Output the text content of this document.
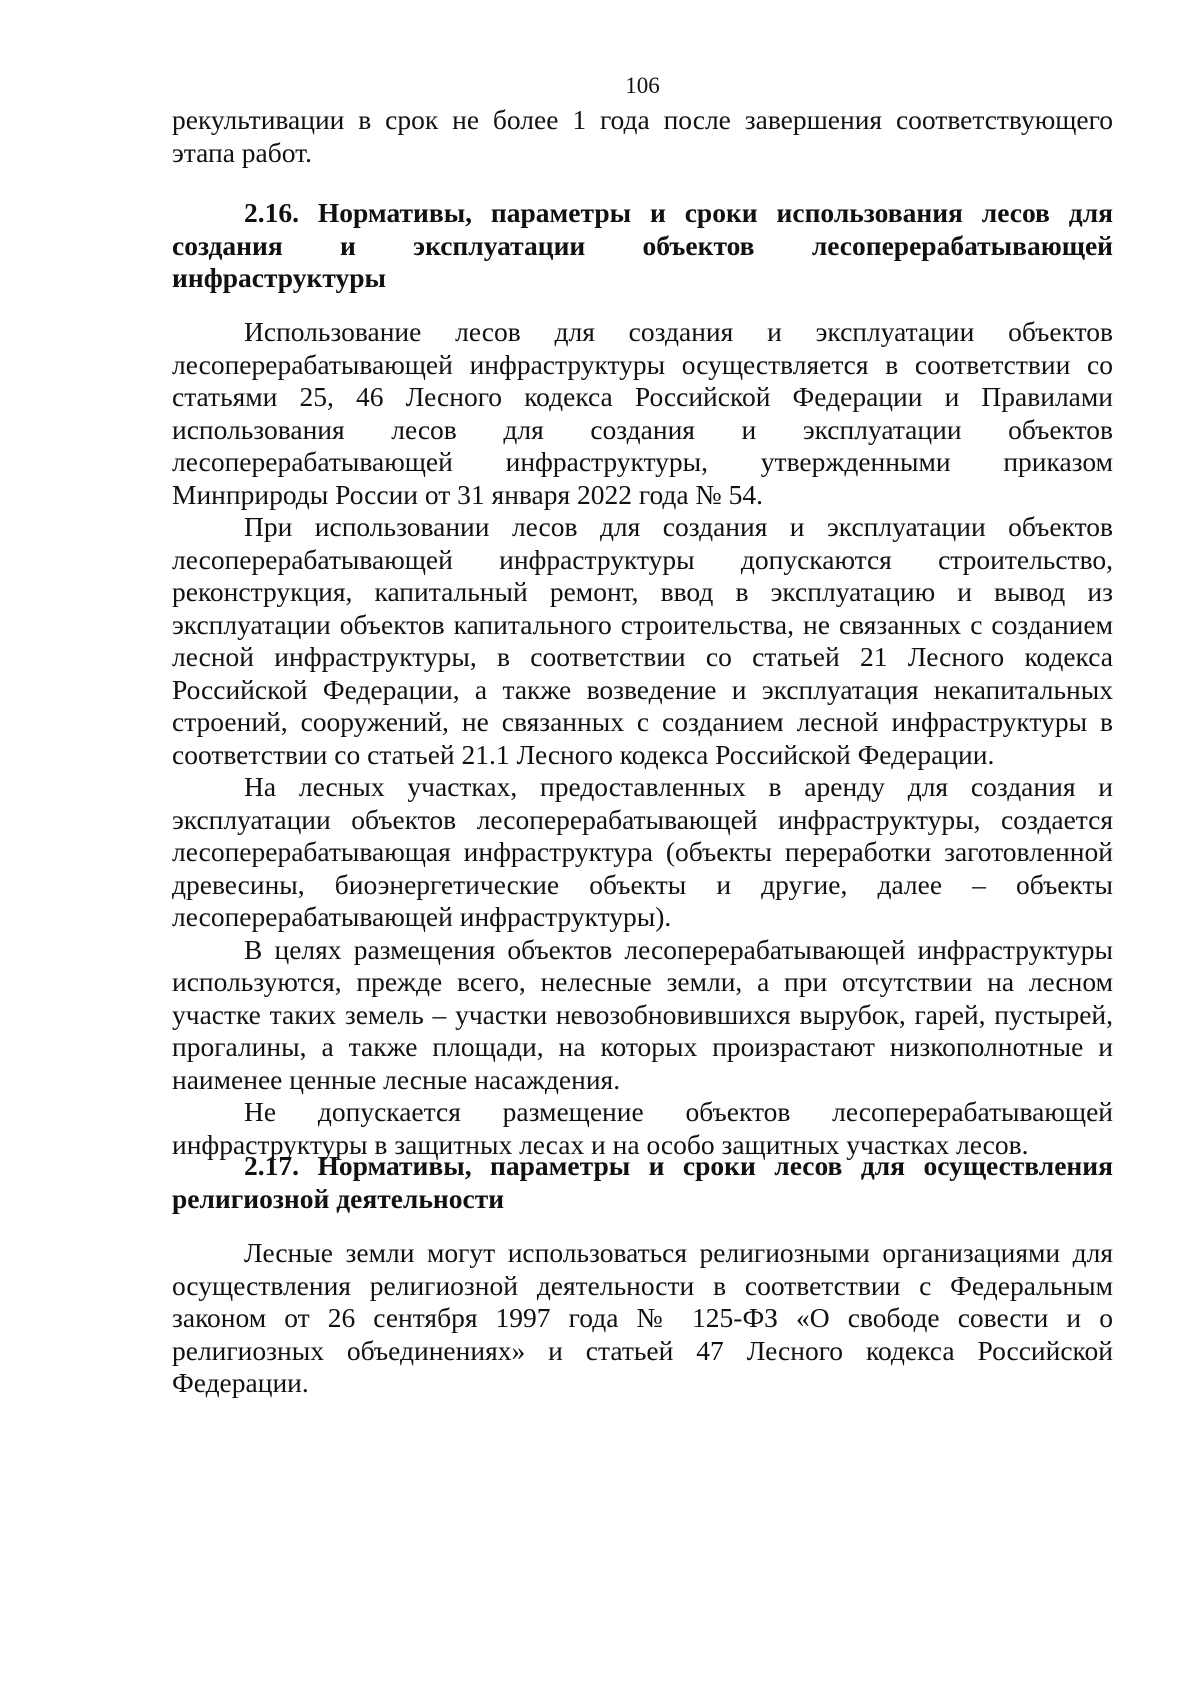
106

рекультивации в срок не более 1 года после завершения соответствующего этапа работ.

2.16. Нормативы, параметры и сроки использования лесов для создания и эксплуатации объектов лесоперерабатывающей инфраструктуры

Использование лесов для создания и эксплуатации объектов лесоперерабатывающей инфраструктуры осуществляется в соответствии со статьями 25, 46 Лесного кодекса Российской Федерации и Правилами использования лесов для создания и эксплуатации объектов лесоперерабатывающей инфраструктуры, утвержденными приказом Минприроды России от 31 января 2022 года № 54.

При использовании лесов для создания и эксплуатации объектов лесоперерабатывающей инфраструктуры допускаются строительство, реконструкция, капитальный ремонт, ввод в эксплуатацию и вывод из эксплуатации объектов капитального строительства, не связанных с созданием лесной инфраструктуры, в соответствии со статьей 21 Лесного кодекса Российской Федерации, а также возведение и эксплуатация некапитальных строений, сооружений, не связанных с созданием лесной инфраструктуры в соответствии со статьей 21.1 Лесного кодекса Российской Федерации.

На лесных участках, предоставленных в аренду для создания и эксплуатации объектов лесоперерабатывающей инфраструктуры, создается лесоперерабатывающая инфраструктура (объекты переработки заготовленной древесины, биоэнергетические объекты и другие, далее – объекты лесоперерабатывающей инфраструктуры).

В целях размещения объектов лесоперерабатывающей инфраструктуры используются, прежде всего, нелесные земли, а при отсутствии на лесном участке таких земель – участки невозобновившихся вырубок, гарей, пустырей, прогалины, а также площади, на которых произрастают низкополнотные и наименее ценные лесные насаждения.

Не допускается размещение объектов лесоперерабатывающей инфраструктуры в защитных лесах и на особо защитных участках лесов.

2.17. Нормативы, параметры и сроки лесов для осуществления религиозной деятельности

Лесные земли могут использоваться религиозными организациями для осуществления религиозной деятельности в соответствии с Федеральным законом от 26 сентября 1997 года № 125-ФЗ «О свободе совести и о религиозных объединениях» и статьей 47 Лесного кодекса Российской Федерации.
